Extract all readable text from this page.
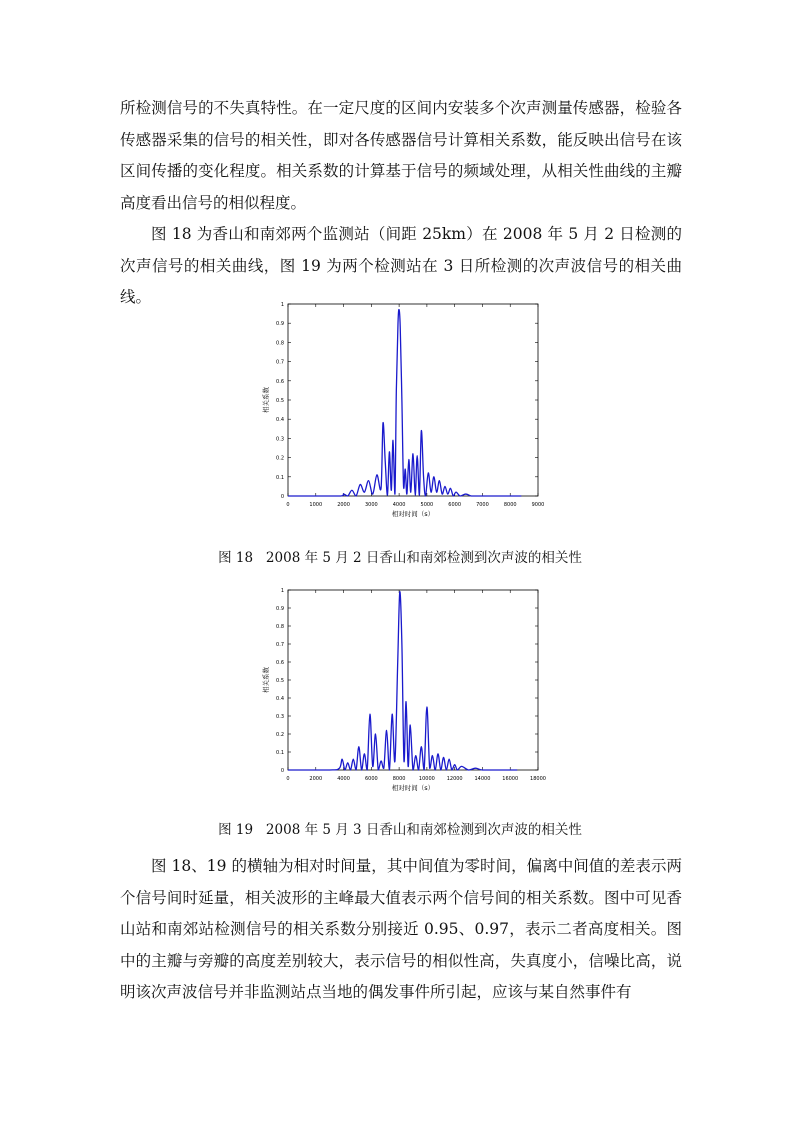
所检测信号的不失真特性。在一定尺度的区间内安装多个次声测量传感器，检验各传感器采集的信号的相关性，即对各传感器信号计算相关系数，能反映出信号在该区间传播的变化程度。相关系数的计算基于信号的频域处理，从相关性曲线的主瓣高度看出信号的相似程度。

图 18 为香山和南郊两个监测站（间距 25km）在 2008 年 5 月 2 日检测的次声信号的相关曲线，图 19 为两个检测站在 3 日所检测的次声波信号的相关曲线。

0	1000	2000	3000	4000	5000	6000	7000	8000	9000
0
0.1
0.2
0.3
0.4
0.5
0.6
0.7
0.8
0.9
1
相对时间（s）
相关系数
图 18 2008 年 5 月 2 日香山和南郊检测到次声波的相关性
0	2000	4000	6000	8000	10000 12000 14000 16000 18000
0
0.1
0.2
0.3
0.4
0.5
0.6
0.7
0.8
0.9
1
相对时间（s）
相关系数
图 19 2008 年 5 月 3 日香山和南郊检测到次声波的相关性

图 18、19 的横轴为相对时间量，其中间值为零时间，偏离中间值的差表示两个信号间时延量，相关波形的主峰最大值表示两个信号间的相关系数。图中可见香山站和南郊站检测信号的相关系数分别接近 0.95、0.97，表示二者高度相关。图中的主瓣与旁瓣的高度差别较大，表示信号的相似性高，失真度小，信噪比高，说明该次声波信号并非监测站点当地的偶发事件所引起，应该与某自然事件有
